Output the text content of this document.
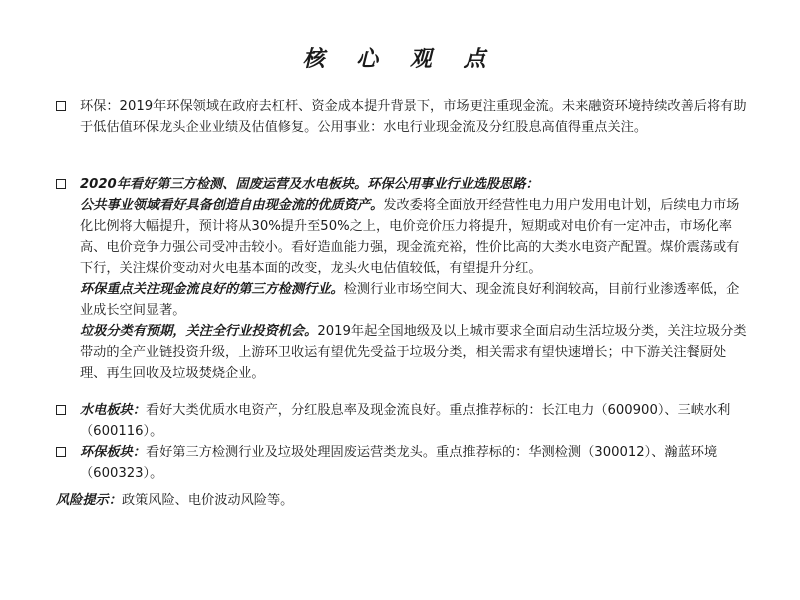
核 心 观 点
环保：2019年环保领域在政府去杠杆、资金成本提升背景下，市场更注重现金流。未来融资环境持续改善后将有助于低估值环保龙头企业业绩及估值修复。公用事业：水电行业现金流及分红股息高值得重点关注。
2020年看好第三方检测、固废运营及水电板块。环保公用事业行业选股思路：
公共事业领域看好具备创造自由现金流的优质资产。发改委将全面放开经营性电力用户发用电计划，后续电力市场化比例将大幅提升，预计将从30%提升至50%之上，电价竞价压力将提升，短期或对电价有一定冲击，市场化率高、电价竞争力强公司受冲击较小。看好造血能力强，现金流充裕，性价比高的大类水电资产配置。煤价震荡或有下行，关注煤价变动对火电基本面的改变，龙头火电估值较低，有望提升分红。
环保重点关注现金流良好的第三方检测行业。检测行业市场空间大、现金流良好利润较高，目前行业渗透率低，企业成长空间显著。
垃圾分类有预期，关注全行业投资机会。2019年起全国地级及以上城市要求全面启动生活垃圾分类，关注垃圾分类带动的全产业链投资升级，上游环卫收运有望优先受益于垃圾分类，相关需求有望快速增长；中下游关注餐厨处理、再生回收及垃圾焚烧企业。
水电板块：看好大类优质水电资产，分红股息率及现金流良好。重点推荐标的：长江电力（600900）、三峡水利（600116）。
环保板块：看好第三方检测行业及垃圾处理固废运营类龙头。重点推荐标的：华测检测（300012）、瀚蓝环境（600323）。
风险提示：政策风险、电价波动风险等。
